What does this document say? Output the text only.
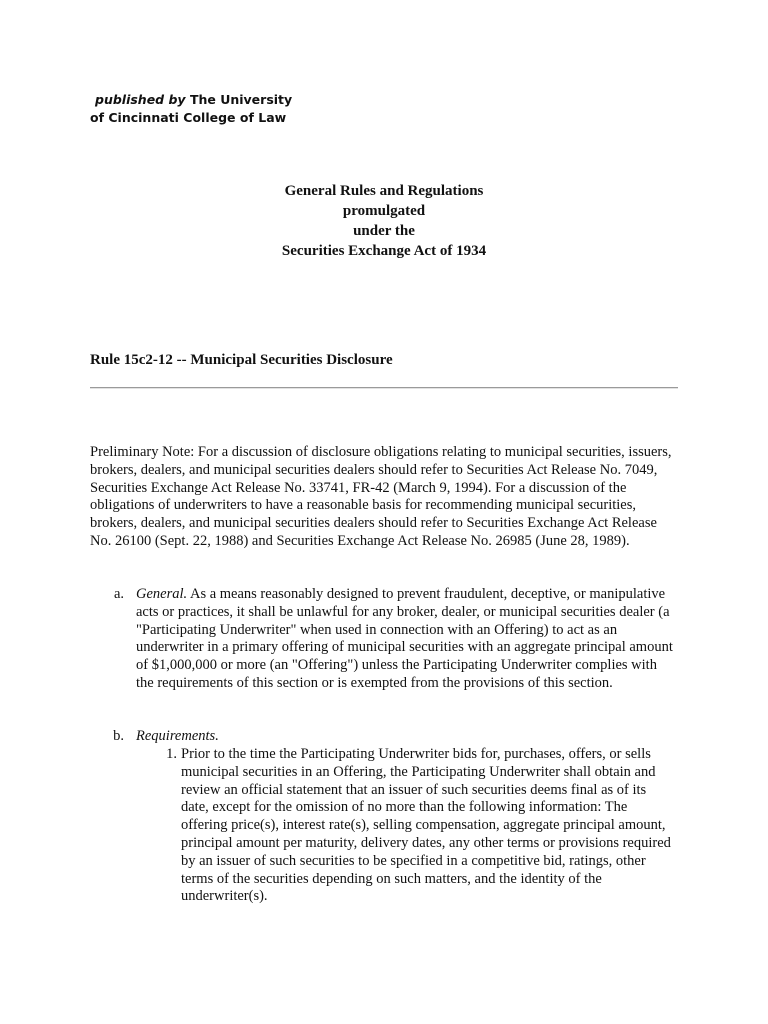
published by The University
of Cincinnati College of Law
General Rules and Regulations
promulgated
under the
Securities Exchange Act of 1934
Rule 15c2-12 -- Municipal Securities Disclosure
Preliminary Note: For a discussion of disclosure obligations relating to municipal securities, issuers, brokers, dealers, and municipal securities dealers should refer to Securities Act Release No. 7049, Securities Exchange Act Release No. 33741, FR-42 (March 9, 1994). For a discussion of the obligations of underwriters to have a reasonable basis for recommending municipal securities, brokers, dealers, and municipal securities dealers should refer to Securities Exchange Act Release No. 26100 (Sept. 22, 1988) and Securities Exchange Act Release No. 26985 (June 28, 1989).
a. General. As a means reasonably designed to prevent fraudulent, deceptive, or manipulative acts or practices, it shall be unlawful for any broker, dealer, or municipal securities dealer (a "Participating Underwriter" when used in connection with an Offering) to act as an underwriter in a primary offering of municipal securities with an aggregate principal amount of $1,000,000 or more (an "Offering") unless the Participating Underwriter complies with the requirements of this section or is exempted from the provisions of this section.
b. Requirements.
1. Prior to the time the Participating Underwriter bids for, purchases, offers, or sells municipal securities in an Offering, the Participating Underwriter shall obtain and review an official statement that an issuer of such securities deems final as of its date, except for the omission of no more than the following information: The offering price(s), interest rate(s), selling compensation, aggregate principal amount, principal amount per maturity, delivery dates, any other terms or provisions required by an issuer of such securities to be specified in a competitive bid, ratings, other terms of the securities depending on such matters, and the identity of the underwriter(s).
